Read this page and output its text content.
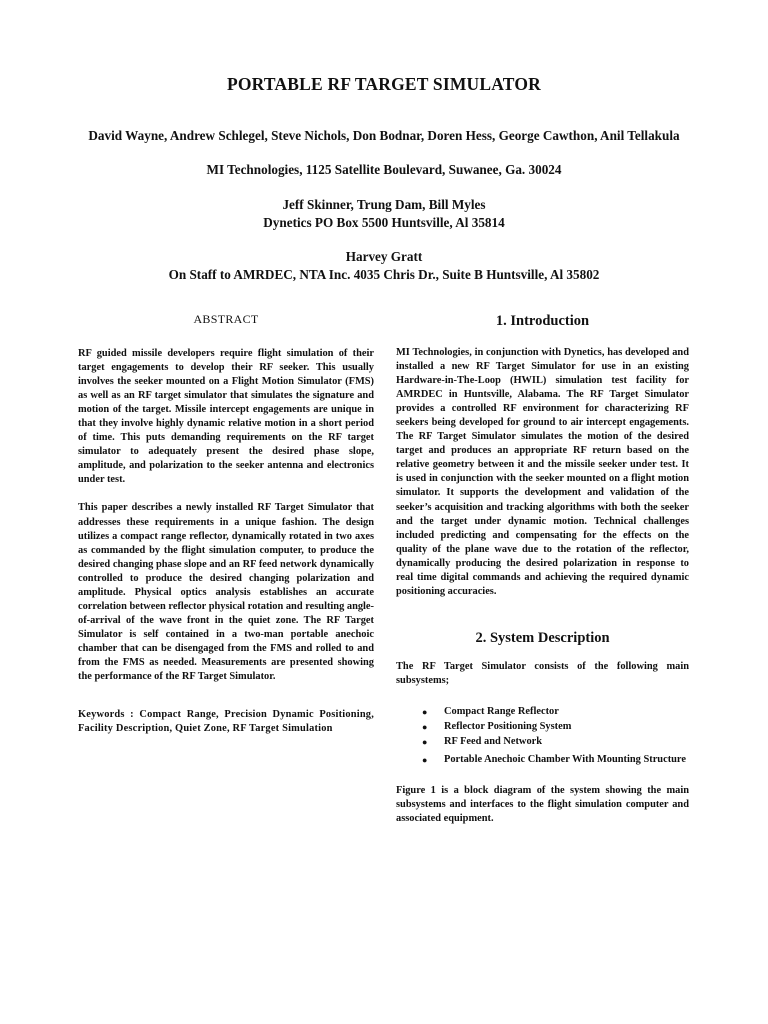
PORTABLE RF TARGET SIMULATOR
David Wayne, Andrew Schlegel, Steve Nichols, Don Bodnar, Doren Hess, George Cawthon, Anil Tellakula
MI Technologies, 1125 Satellite Boulevard, Suwanee, Ga. 30024
Jeff Skinner, Trung Dam, Bill Myles
Dynetics PO Box 5500 Huntsville, Al 35814
Harvey Gratt
On Staff to AMRDEC, NTA Inc. 4035 Chris Dr., Suite B Huntsville, Al 35802
ABSTRACT

RF guided missile developers require flight simulation of their target engagements to develop their RF seeker. This usually involves the seeker mounted on a Flight Motion Simulator (FMS) as well as an RF target simulator that simulates the signature and motion of the target. Missile intercept engagements are unique in that they involve highly dynamic relative motion in a short period of time. This puts demanding requirements on the RF target simulator to adequately present the desired phase slope, amplitude, and polarization to the seeker antenna and electronics under test.

This paper describes a newly installed RF Target Simulator that addresses these requirements in a unique fashion. The design utilizes a compact range reflector, dynamically rotated in two axes as commanded by the flight simulation computer, to produce the desired changing phase slope and an RF feed network dynamically controlled to produce the desired changing polarization and amplitude. Physical optics analysis establishes an accurate correlation between reflector physical rotation and resulting angle-of-arrival of the wave front in the quiet zone. The RF Target Simulator is self contained in a two-man portable anechoic chamber that can be disengaged from the FMS and rolled to and from the FMS as needed. Measurements are presented showing the performance of the RF Target Simulator.

Keywords : Compact Range, Precision Dynamic Positioning, Facility Description, Quiet Zone, RF Target Simulation

1. Introduction

MI Technologies, in conjunction with Dynetics, has developed and installed a new RF Target Simulator for use in an existing Hardware-in-The-Loop (HWIL) simulation test facility for AMRDEC in Huntsville, Alabama. The RF Target Simulator provides a controlled RF environment for characterizing RF seekers being developed for ground to air intercept engagements. The RF Target Simulator simulates the motion of the desired target and produces an appropriate RF return based on the relative geometry between it and the missile seeker under test. It is used in conjunction with the seeker mounted on a flight motion simulator. It supports the development and validation of the seeker’s acquisition and tracking algorithms with both the seeker and the target under dynamic motion. Technical challenges included predicting and compensating for the effects on the quality of the plane wave due to the rotation of the reflector, dynamically producing the desired polarization in response to real time digital commands and achieving the required dynamic positioning accuracies.

2. System Description

The RF Target Simulator consists of the following main subsystems;

● Compact Range Reflector
● Reflector Positioning System
● RF Feed and Network
● Portable Anechoic Chamber With Mounting Structure

Figure 1 is a block diagram of the system showing the main subsystems and interfaces to the flight simulation computer and associated equipment.
